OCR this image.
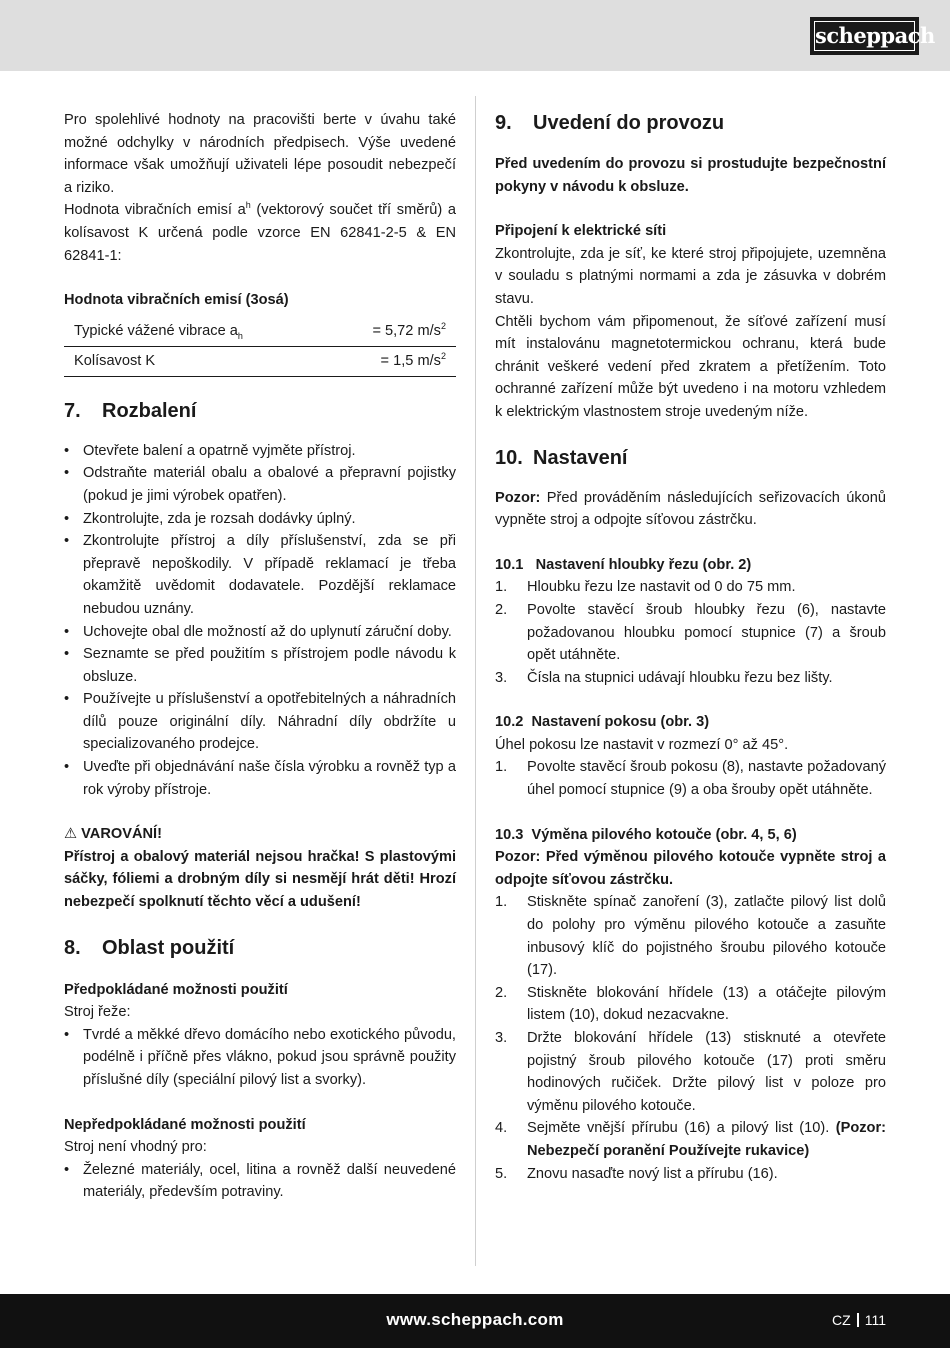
scheppach

Pro spolehlivé hodnoty na pracovišti berte v úvahu také možné odchylky v národních předpisech. Výše uvedené informace však umožňují uživateli lépe posoudit nebezpečí a riziko.

Hodnota vibračních emisí $a^h$ (vektorový součet tří směrů) a kolísavost K určená podle vzorce EN 62841-2-5 & EN 62841-1:

Hodnota vibračních emisí (3osá)

Typické vážené vibrace $a_h$	= 5,72 $m/s^2$
Kolísavost K	= 1,5 $m/s^2$
7. Rozbalení
• Otevřete balení a opatrně vyjměte přístroj.
• Odstraňte materiál obalu a obalové a přepravní pojistky (pokud je jimi výrobek opatřen).
• Zkontrolujte, zda je rozsah dodávky úplný.
• Zkontrolujte přístroj a díly příslušenství, zda se při přepravě nepoškodily. V případě reklamací je třeba okamžitě uvědomit dodavatele. Pozdější reklamace nebudou uznány.
• Uchovejte obal dle možností až do uplynutí záruční doby.
• Seznamte se před použitím s přístrojem podle návodu k obsluze.
• Používejte u příslušenství a opotřebitelných a náhradních dílů pouze originální díly. Náhradní díly obdržíte u specializovaného prodejce.
• Uveďte při objednávání naše čísla výrobku a rovněž typ a rok výroby přístroje.

⚠ VAROVÁNÍ!

Přístroj a obalový materiál nejsou hračka! S plastovými sáčky, fóliemi a drobným díly si nesmějí hrát děti! Hrozí nebezpečí spolknutí těchto věcí a udušení!

8. Oblast použití

Předpokládané možnosti použití

Stroj řeže:

• Tvrdé a měkké dřevo domácího nebo exotického původu, podélně i příčně přes vlákno, pokud jsou správně použity příslušné díly (speciální pilový list a svorky).

Nepředpokládané možnosti použití

Stroj není vhodný pro:

• Železné materiály, ocel, litina a rovněž další neuvedené materiály, především potraviny.
9. Uvedení do provozu

Před uvedením do provozu si prostudujte bezpečnostní pokyny v návodu k obsluze.

Připojení k elektrické síti

Zkontrolujte, zda je síť, ke které stroj připojujete, uzemněna v souladu s platnými normami a zda je zásuvka v dobrém stavu.

Chtěli bychom vám připomenout, že síťové zařízení musí mít instalovánu magnetotermickou ochranu, která bude chránit veškeré vedení před zkratem a přetížením. Toto ochranné zařízení může být uvedeno i na motoru vzhledem k elektrickým vlastnostem stroje uvedeným níže.

10. Nastavení

Pozor: Před prováděním následujících seřizovacích úkonů vypněte stroj a odpojte síťovou zástrčku.

10.1   Nastavení hloubky řezu (obr. 2)

1. Hloubku řezu lze nastavit od 0 do 75 mm.
2. Povolte stavěcí šroub hloubky řezu (6), nastavte požadovanou hloubku pomocí stupnice (7) a šroub opět utáhněte.
3. Čísla na stupnici udávají hloubku řezu bez lišty.

10.2  Nastavení pokosu (obr. 3)

Úhel pokosu lze nastavit v rozmezí 0° až 45°.

1. Povolte stavěcí šroub pokosu (8), nastavte požadovaný úhel pomocí stupnice (9) a oba šrouby opět utáhněte.

10.3  Výměna pilového kotouče (obr. 4, 5, 6)

Pozor: Před výměnou pilového kotouče vypněte stroj a odpojte síťovou zástrčku.

1. Stiskněte spínač zanoření (3), zatlačte pilový list dolů do polohy pro výměnu pilového kotouče a zasuňte inbusový klíč do pojistného šroubu pilového kotouče (17).
2. Stiskněte blokování hřídele (13) a otáčejte pilovým listem (10), dokud nezacvakne.
3. Držte blokování hřídele (13) stisknuté a otevřete pojistný šroub pilového kotouče (17) proti směru hodinových ručiček. Držte pilový list v poloze pro výměnu pilového kotouče.
4. Sejměte vnější přírubu (16) a pilový list (10). (Pozor: Nebezpečí poranění Používejte rukavice)
5. Znovu nasaďte nový list a přírubu (16).
www.scheppach.com	CZ 111
